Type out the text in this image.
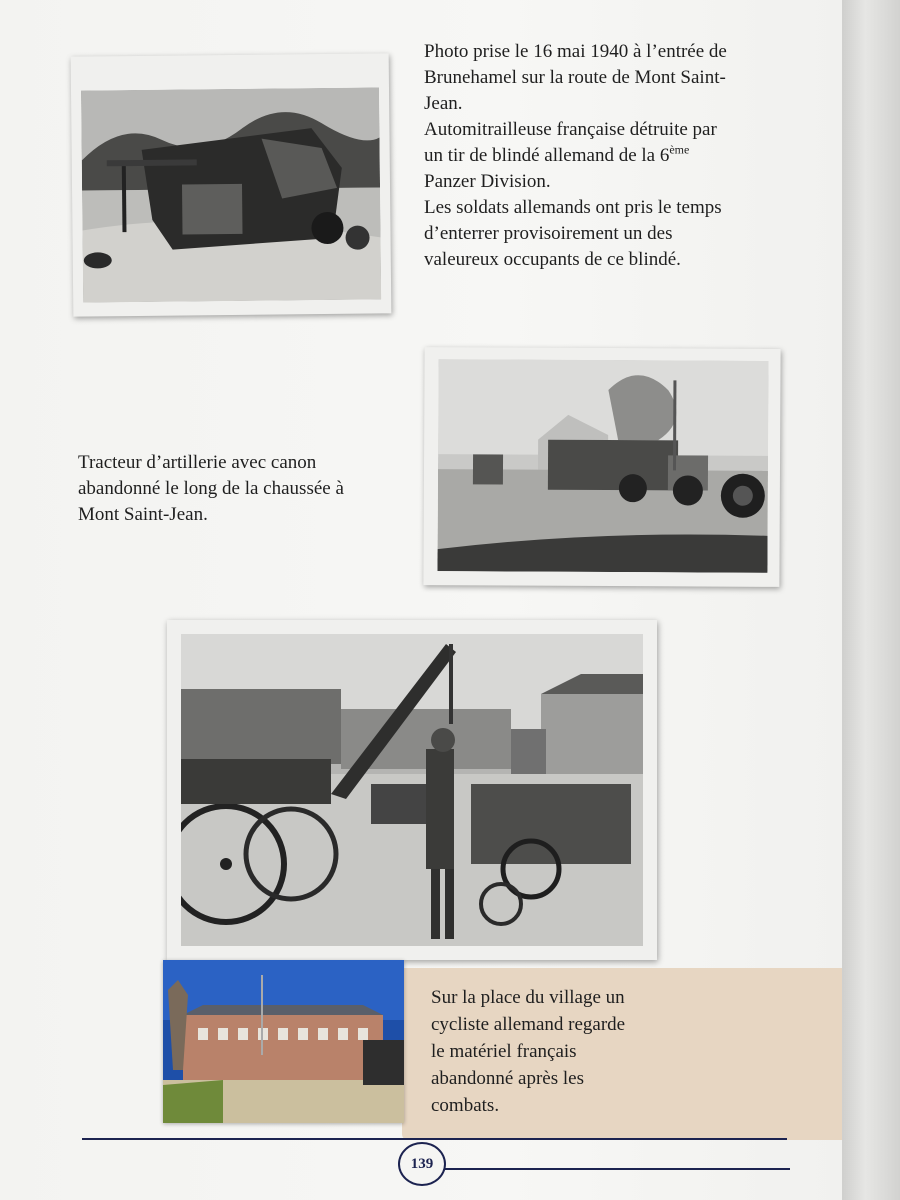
Photo prise le 16 mai 1940 à l’entrée de
Brunehamel sur la route de Mont Saint-
Jean.
Automitrailleuse française détruite par
un tir de blindé allemand de la 6ème
Panzer Division.
Les soldats allemands ont pris le temps
d’enterrer provisoirement un des
valeureux occupants de ce blindé.
Tracteur d’artillerie avec canon
abandonné le long de la chaussée à
Mont Saint-Jean.
Sur la place du village un
cycliste allemand regarde
le matériel français
abandonné après les
combats.
139
